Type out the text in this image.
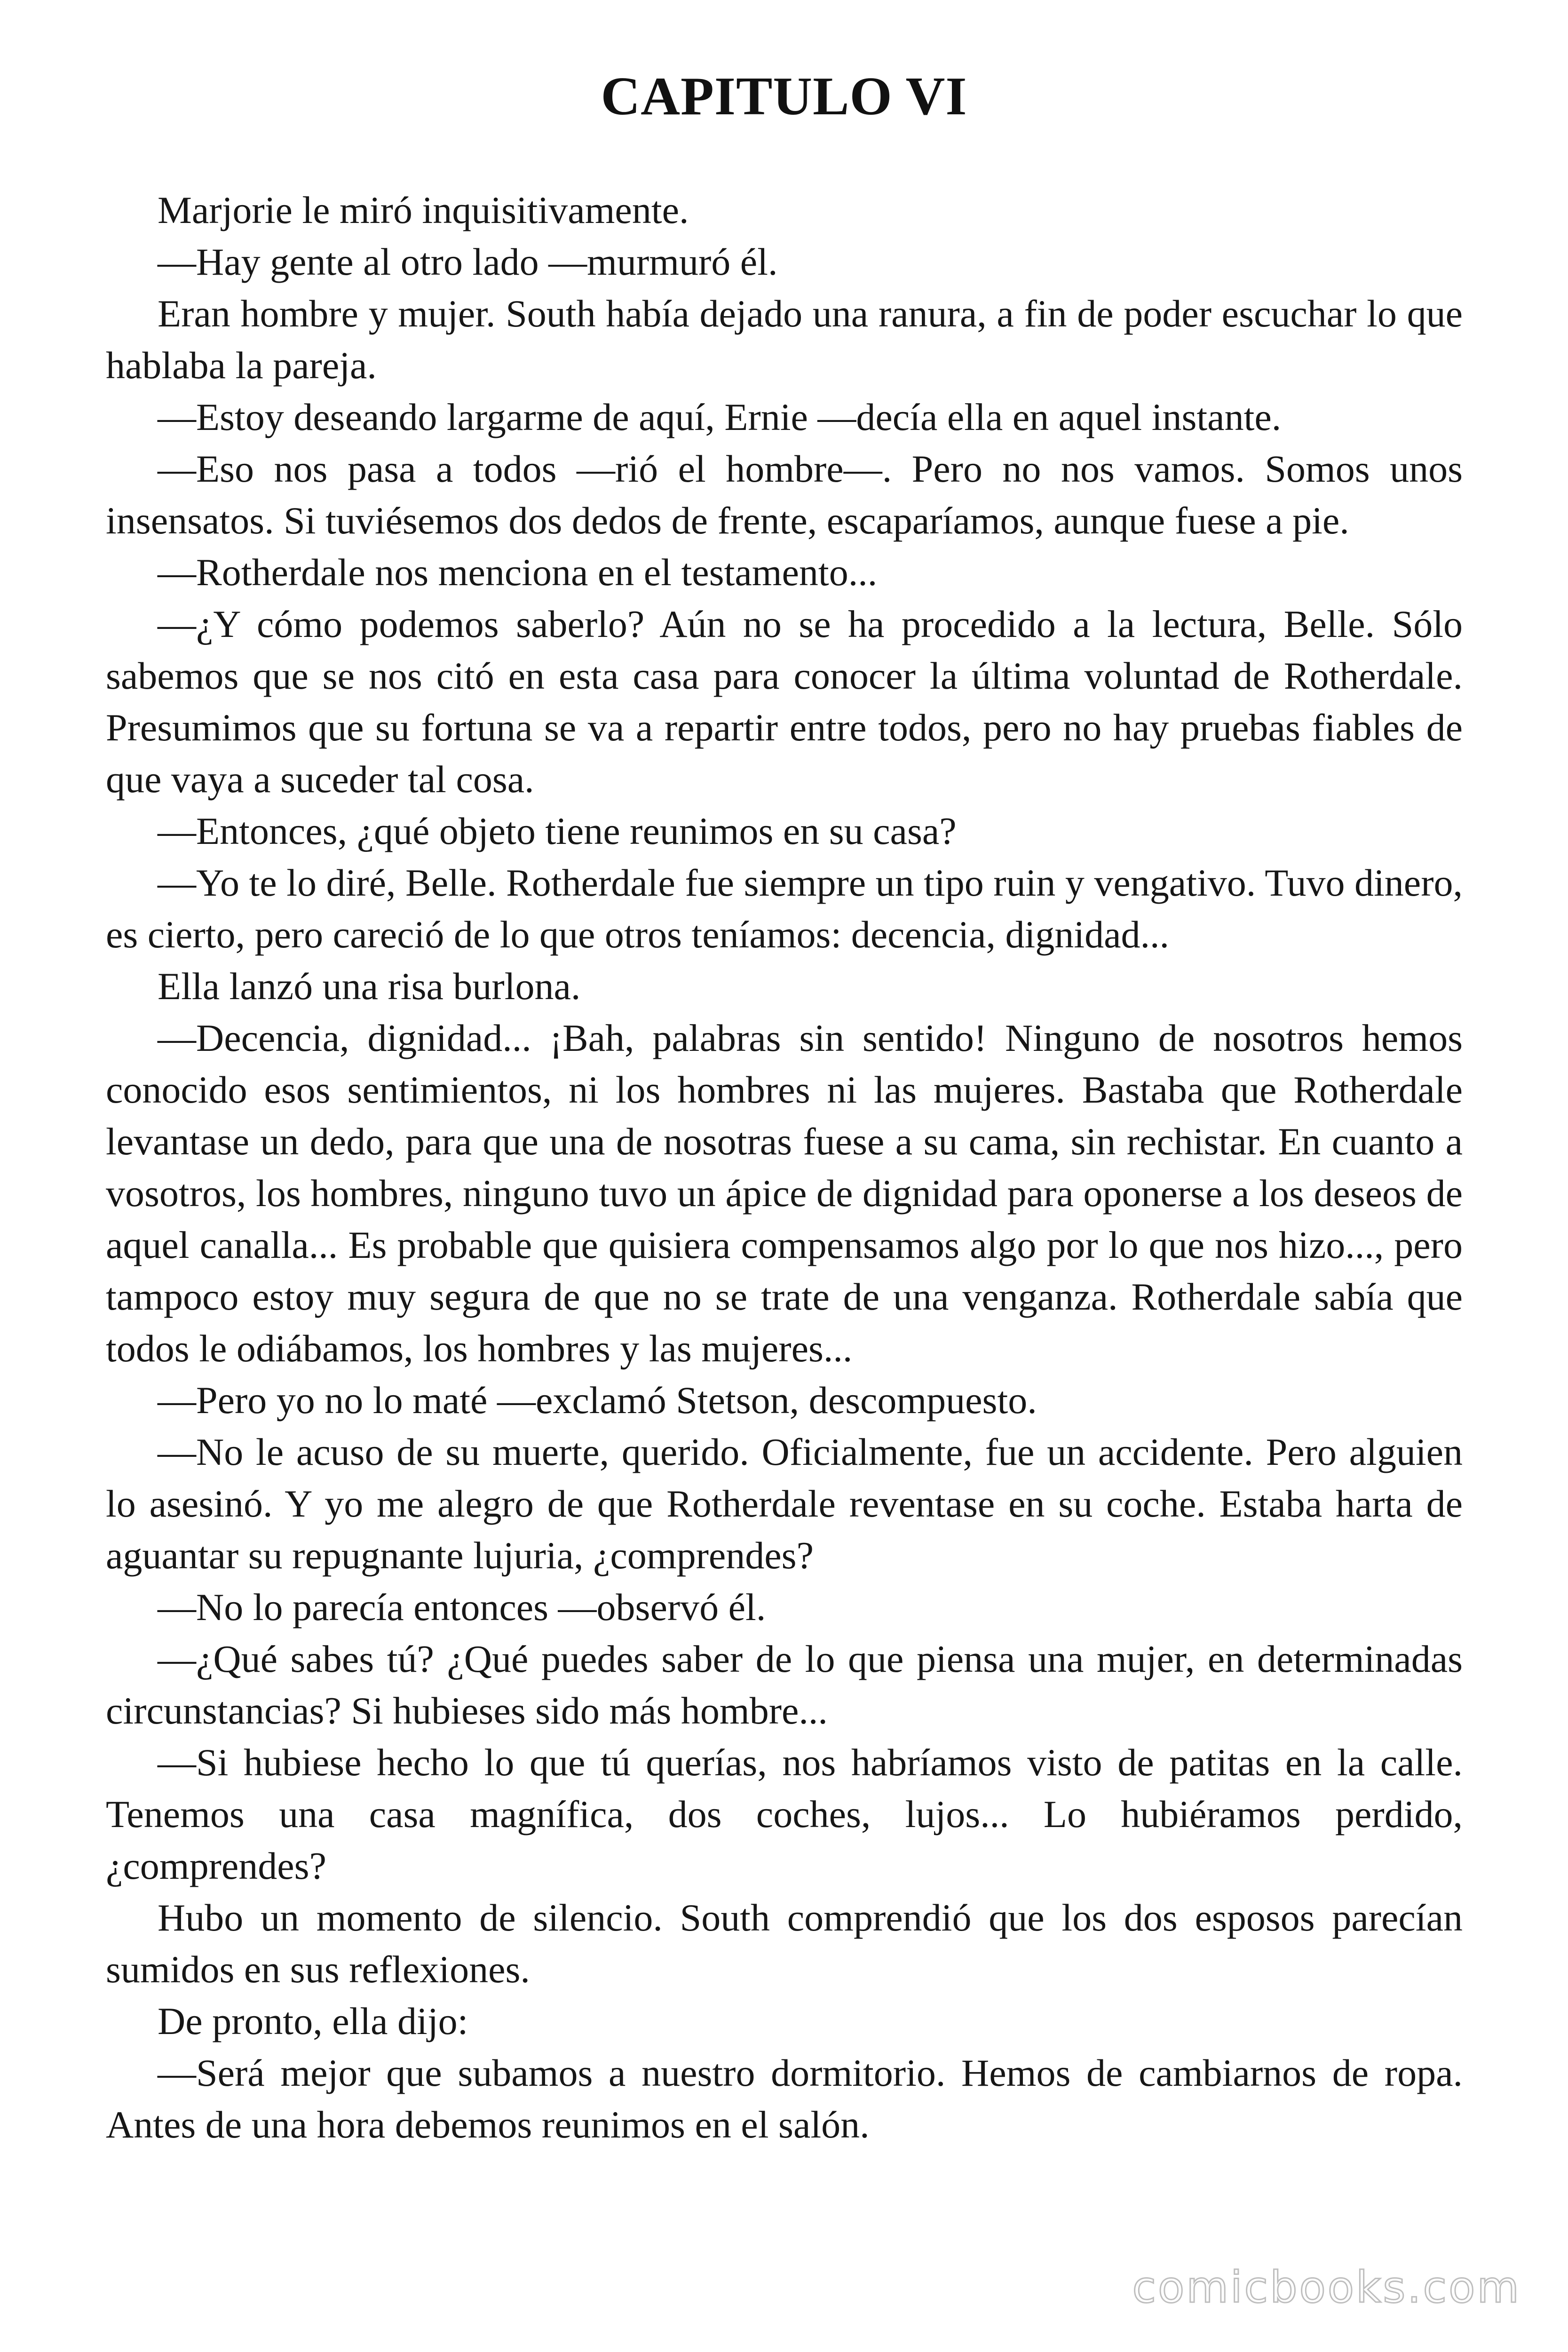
CAPITULO VI

Marjorie le miró inquisitivamente.

—Hay gente al otro lado —murmuró él.

Eran hombre y mujer. South había dejado una ranura, a fin de poder escuchar lo que hablaba la pareja.

—Estoy deseando largarme de aquí, Ernie —decía ella en aquel instante.

—Eso nos pasa a todos —rió el hombre—. Pero no nos vamos. Somos unos insensatos. Si tuviésemos dos dedos de frente, escaparíamos, aunque fuese a pie.

—Rotherdale nos menciona en el testamento...

—¿Y cómo podemos saberlo? Aún no se ha procedido a la lectura, Belle. Sólo sabemos que se nos citó en esta casa para conocer la última voluntad de Rotherdale. Presumimos que su fortuna se va a repartir entre todos, pero no hay pruebas fiables de que vaya a suceder tal cosa.

—Entonces, ¿qué objeto tiene reunimos en su casa?

—Yo te lo diré, Belle. Rotherdale fue siempre un tipo ruin y vengativo. Tuvo dinero, es cierto, pero careció de lo que otros teníamos: decencia, dignidad...

Ella lanzó una risa burlona.

—Decencia, dignidad... ¡Bah, palabras sin sentido! Ninguno de nosotros hemos conocido esos sentimientos, ni los hombres ni las mujeres. Bastaba que Rotherdale levantase un dedo, para que una de nosotras fuese a su cama, sin rechistar. En cuanto a vosotros, los hombres, ninguno tuvo un ápice de dignidad para oponerse a los deseos de aquel canalla... Es probable que quisiera compensamos algo por lo que nos hizo..., pero tampoco estoy muy segura de que no se trate de una venganza. Rotherdale sabía que todos le odiábamos, los hombres y las mujeres...

—Pero yo no lo maté —exclamó Stetson, descompuesto.

—No le acuso de su muerte, querido. Oficialmente, fue un accidente. Pero alguien lo asesinó. Y yo me alegro de que Rotherdale reventase en su coche. Estaba harta de aguantar su repugnante lujuria, ¿comprendes?

—No lo parecía entonces —observó él.

—¿Qué sabes tú? ¿Qué puedes saber de lo que piensa una mujer, en determinadas circunstancias? Si hubieses sido más hombre...

—Si hubiese hecho lo que tú querías, nos habríamos visto de patitas en la calle. Tenemos una casa magnífica, dos coches, lujos... Lo hubiéramos perdido, ¿comprendes?

Hubo un momento de silencio. South comprendió que los dos esposos parecían sumidos en sus reflexiones.

De pronto, ella dijo:

—Será mejor que subamos a nuestro dormitorio. Hemos de cambiarnos de ropa. Antes de una hora debemos reunimos en el salón.

comicbooks.com
